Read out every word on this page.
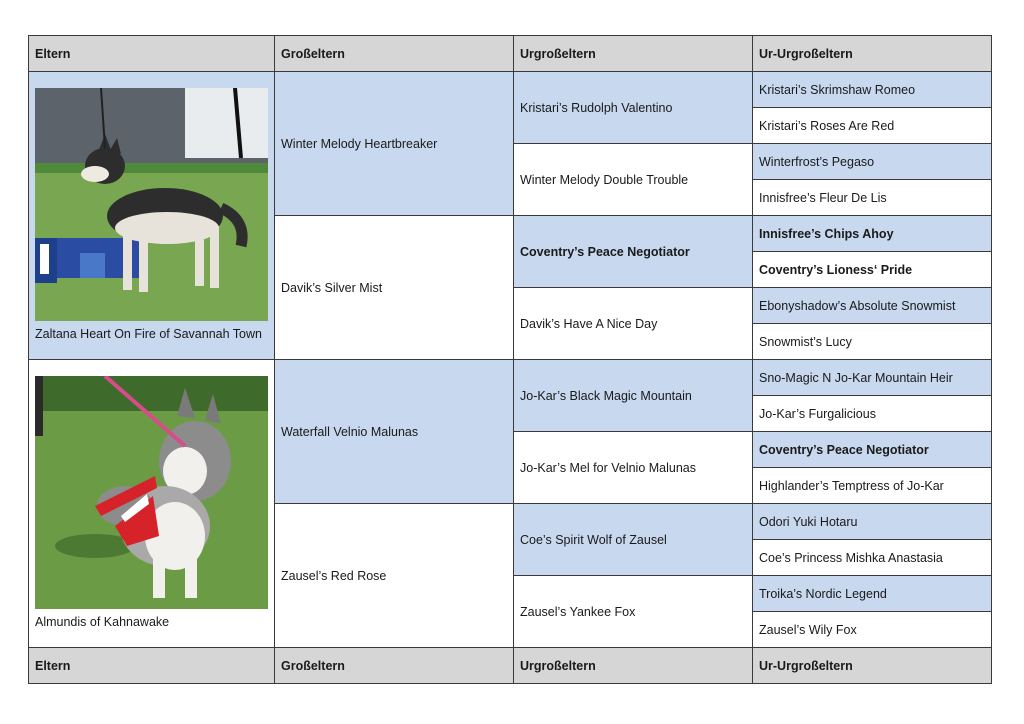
Eltern	Großeltern	Urgroßeltern	Ur-Urgroßeltern

Zaltana Heart On Fire of Savannah Town	Winter Melody Heartbreaker	Kristari’s Rudolph Valentino	Kristari’s Skrimshaw Romeo
			Kristari’s Roses Are Red
		Winter Melody Double Trouble	Winterfrost’s Pegaso
			Innisfree’s Fleur De Lis
	Davik’s Silver Mist	Coventry’s Peace Negotiator	Innisfree’s Chips Ahoy
			Coventry’s Lioness‘ Pride
		Davik’s Have A Nice Day	Ebonyshadow’s Absolute Snowmist
			Snowmist’s Lucy

Almundis of Kahnawake	Waterfall Velnio Malunas	Jo-Kar’s Black Magic Mountain	Sno-Magic N Jo-Kar Mountain Heir
			Jo-Kar’s Furgalicious
		Jo-Kar’s Mel for Velnio Malunas	Coventry’s Peace Negotiator
			Highlander’s Temptress of Jo-Kar
	Zausel’s Red Rose	Coe’s Spirit Wolf of Zausel	Odori Yuki Hotaru
			Coe’s Princess Mishka Anastasia
		Zausel’s Yankee Fox	Troika’s Nordic Legend
			Zausel’s Wily Fox
Eltern	Großeltern	Urgroßeltern	Ur-Urgroßeltern
